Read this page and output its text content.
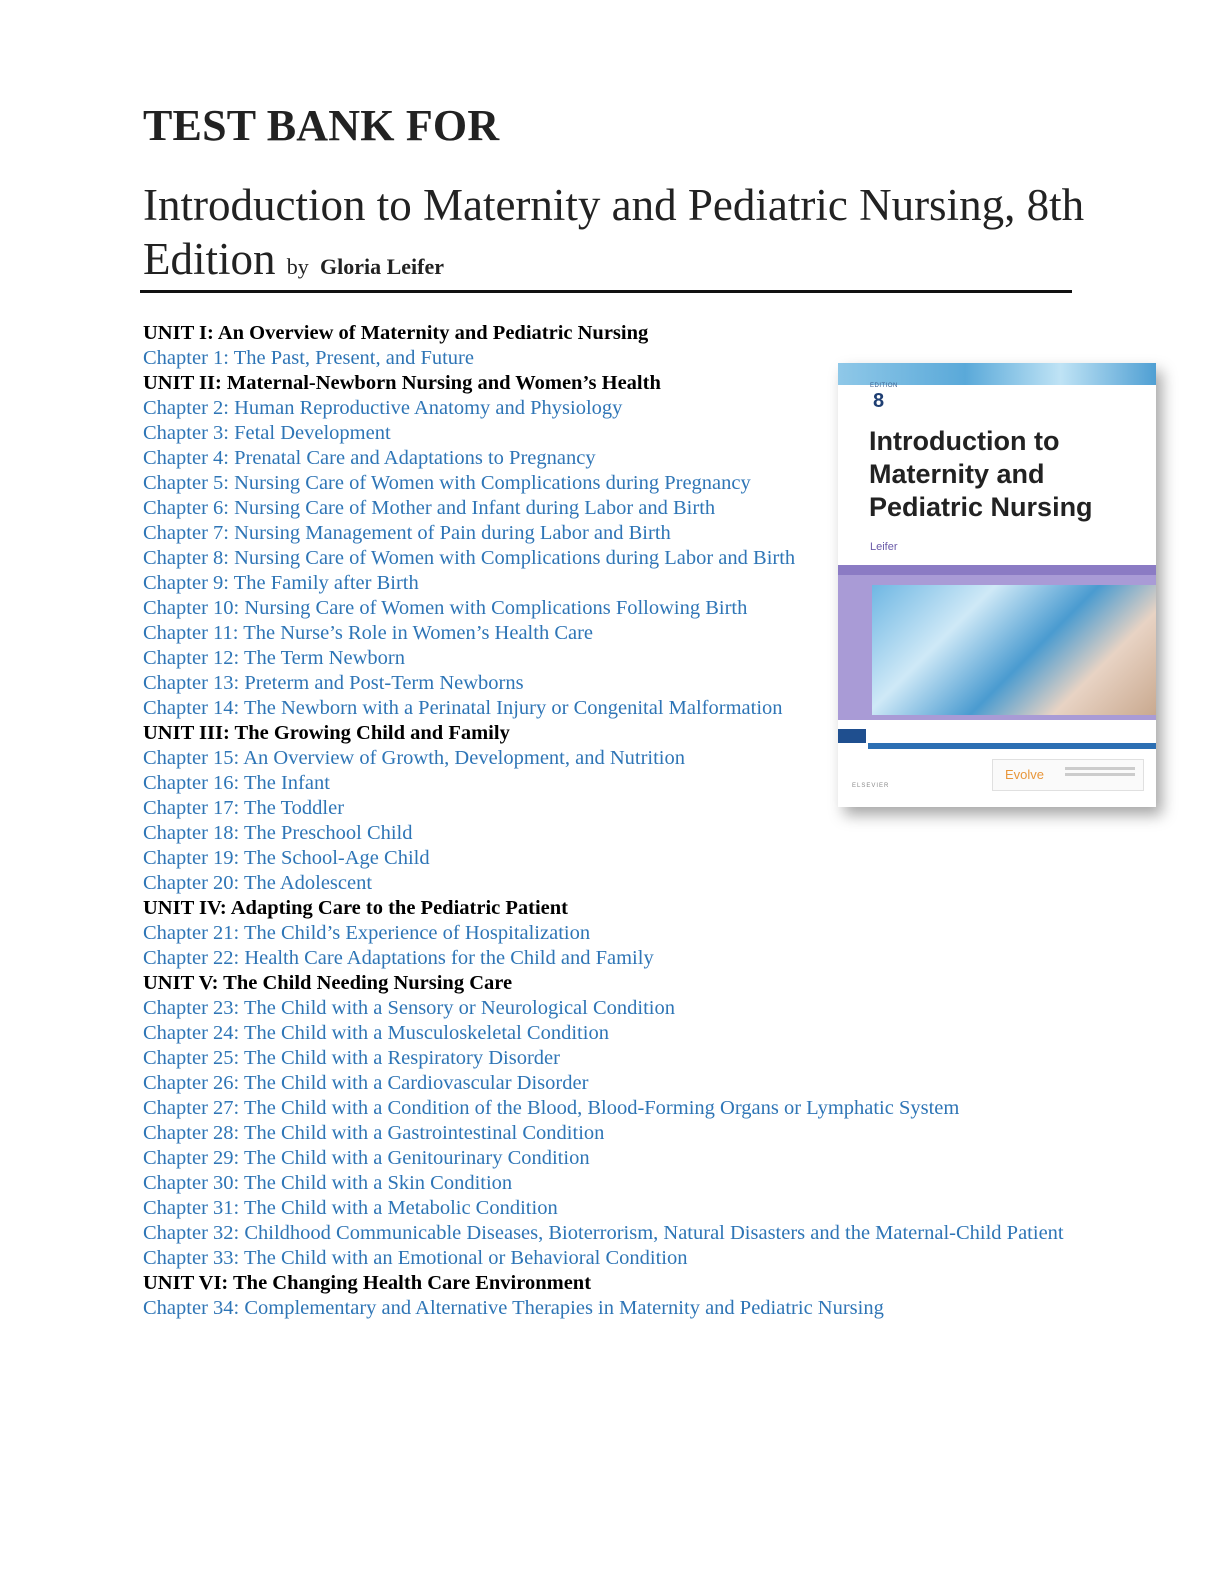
TEST BANK FOR
Introduction to Maternity and Pediatric Nursing, 8th Edition by Gloria Leifer
UNIT I: An Overview of Maternity and Pediatric Nursing
Chapter 1: The Past, Present, and Future
UNIT II: Maternal-Newborn Nursing and Women’s Health
Chapter 2: Human Reproductive Anatomy and Physiology
Chapter 3: Fetal Development
Chapter 4: Prenatal Care and Adaptations to Pregnancy
Chapter 5: Nursing Care of Women with Complications during Pregnancy
Chapter 6: Nursing Care of Mother and Infant during Labor and Birth
Chapter 7: Nursing Management of Pain during Labor and Birth
Chapter 8: Nursing Care of Women with Complications during Labor and Birth
Chapter 9: The Family after Birth
Chapter 10: Nursing Care of Women with Complications Following Birth
Chapter 11: The Nurse’s Role in Women’s Health Care
Chapter 12: The Term Newborn
Chapter 13: Preterm and Post-Term Newborns
Chapter 14: The Newborn with a Perinatal Injury or Congenital Malformation
UNIT III: The Growing Child and Family
Chapter 15: An Overview of Growth, Development, and Nutrition
Chapter 16: The Infant
Chapter 17: The Toddler
Chapter 18: The Preschool Child
Chapter 19: The School-Age Child
Chapter 20: The Adolescent
UNIT IV: Adapting Care to the Pediatric Patient
Chapter 21: The Child’s Experience of Hospitalization
Chapter 22: Health Care Adaptations for the Child and Family
UNIT V: The Child Needing Nursing Care
Chapter 23: The Child with a Sensory or Neurological Condition
Chapter 24: The Child with a Musculoskeletal Condition
Chapter 25: The Child with a Respiratory Disorder
Chapter 26: The Child with a Cardiovascular Disorder
Chapter 27: The Child with a Condition of the Blood, Blood-Forming Organs or Lymphatic System
Chapter 28: The Child with a Gastrointestinal Condition
Chapter 29: The Child with a Genitourinary Condition
Chapter 30: The Child with a Skin Condition
Chapter 31: The Child with a Metabolic Condition
Chapter 32: Childhood Communicable Diseases, Bioterrorism, Natural Disasters and the Maternal-Child Patient
Chapter 33: The Child with an Emotional or Behavioral Condition
UNIT VI: The Changing Health Care Environment
Chapter 34: Complementary and Alternative Therapies in Maternity and Pediatric Nursing
EDITION
8
Introduction to Maternity and Pediatric Nursing
Leifer
Evolve
ELSEVIER
